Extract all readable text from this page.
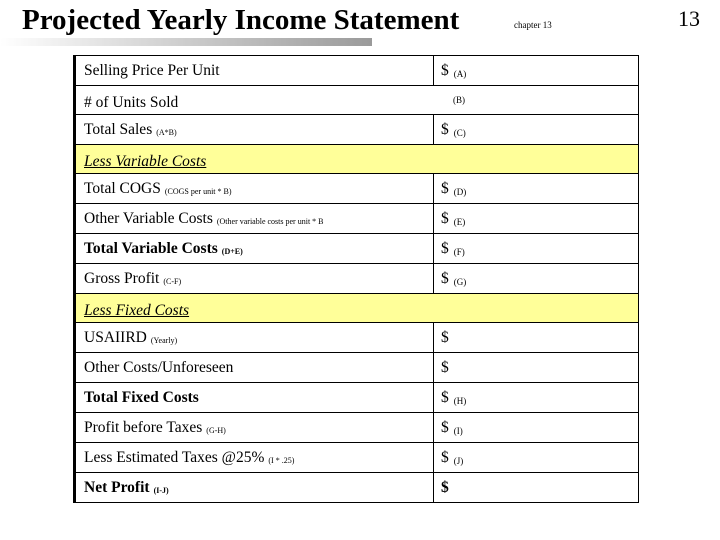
Projected Yearly Income Statement	chapter 13	13
Selling Price Per Unit	$ (A)
# of Units Sold	(B)
Total Sales (A*B)	$ (C)
Less Variable Costs
Total COGS (COGS per unit * B)	$ (D)
Other Variable Costs (Other variable costs per unit * B	$ (E)
Total Variable Costs (D+E)	$ (F)
Gross Profit (C-F)	$ (G)
Less Fixed Costs
USAIIRD (Yearly)	$
Other Costs/Unforeseen	$
Total Fixed Costs	$ (H)
Profit before Taxes (G-H)	$ (I)
Less Estimated Taxes @25% (I * .25)	$ (J)
Net Profit (I-J)	$
